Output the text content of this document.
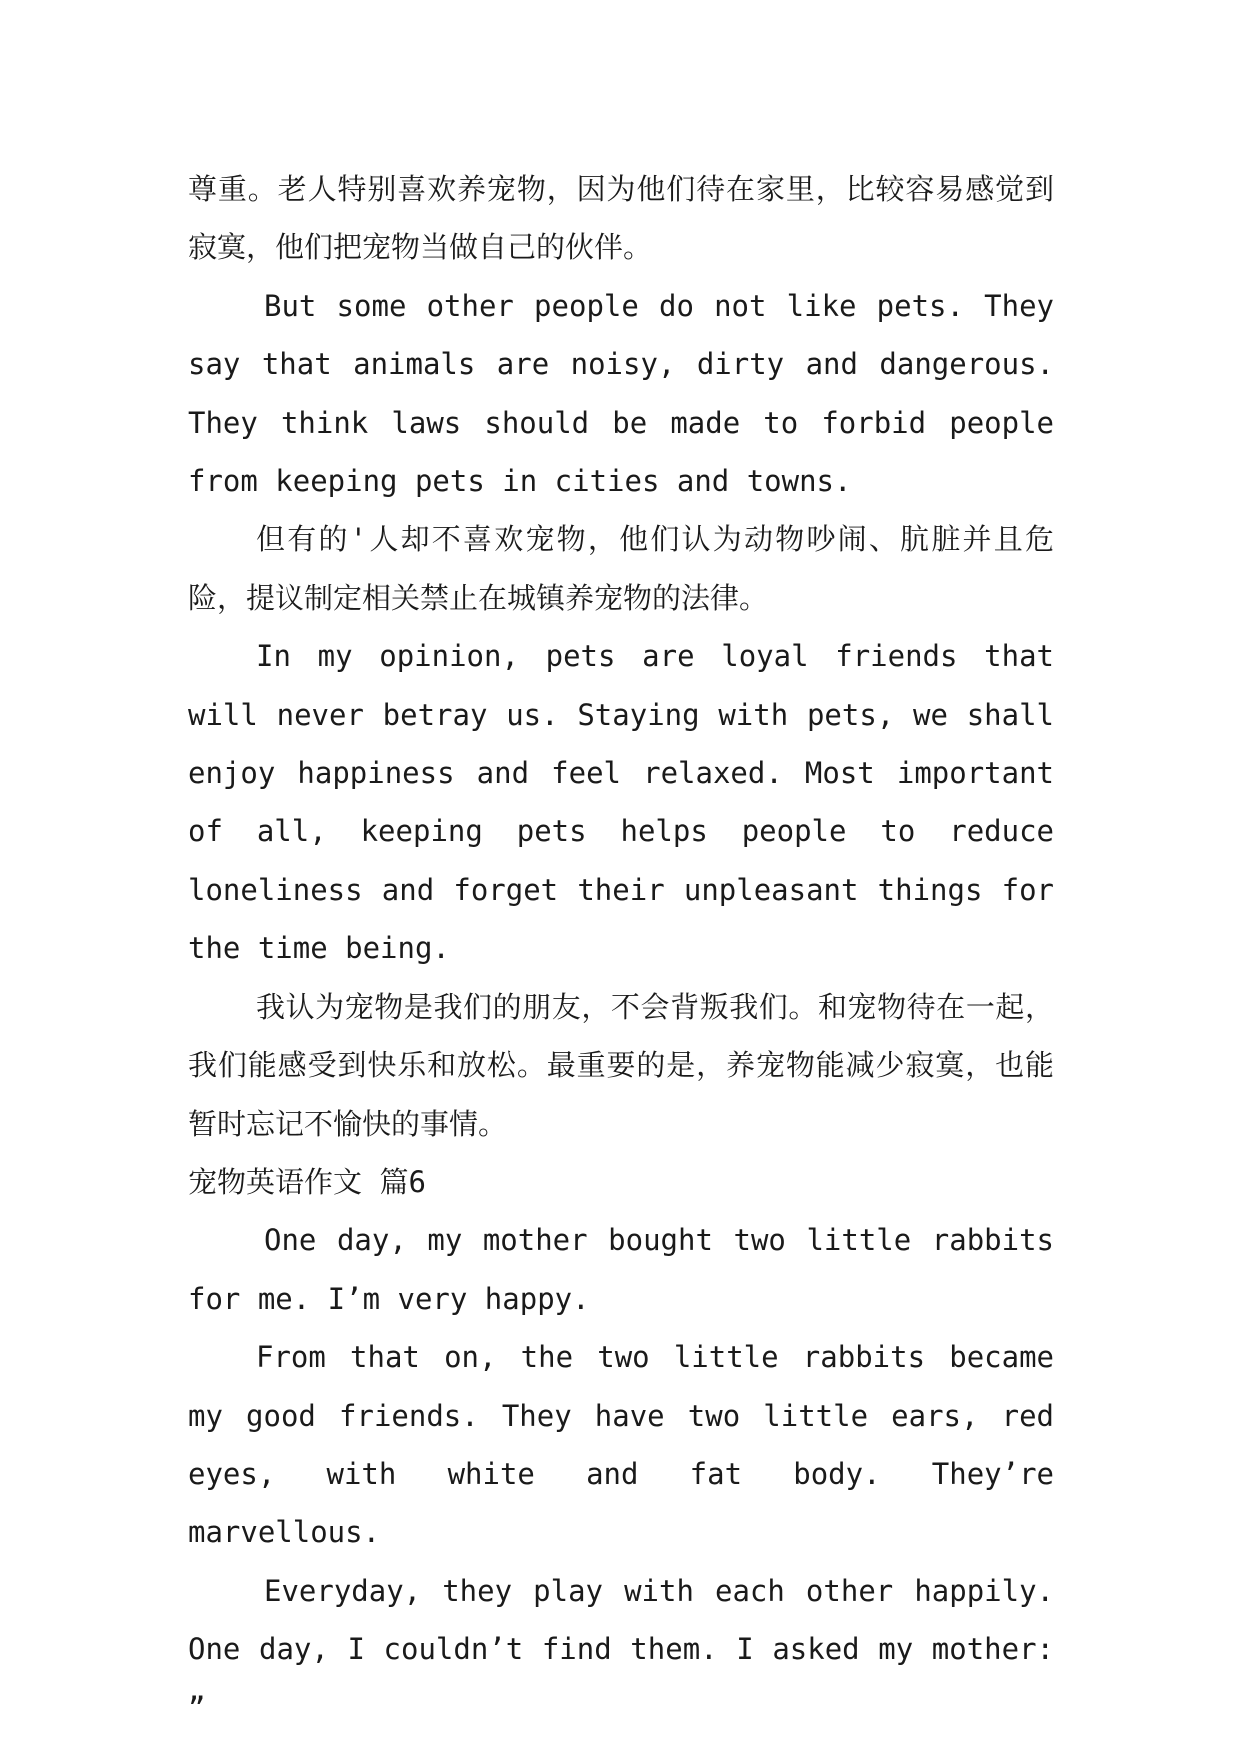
尊重。老人特别喜欢养宠物，因为他们待在家里，比较容易感觉到寂寞，他们把宠物当做自己的伙伴。

But some other people do not like pets. They say that animals are noisy, dirty and dangerous. They think laws should be made to forbid people from keeping pets in cities and towns.

但有的'人却不喜欢宠物，他们认为动物吵闹、肮脏并且危险，提议制定相关禁止在城镇养宠物的法律。

In my opinion, pets are loyal friends that will never betray us. Staying with pets, we shall enjoy happiness and feel relaxed. Most important of all, keeping pets helps people to reduce loneliness and forget their unpleasant things for the time being.

我认为宠物是我们的朋友，不会背叛我们。和宠物待在一起，我们能感受到快乐和放松。最重要的是，养宠物能减少寂寞，也能暂时忘记不愉快的事情。

宠物英语作文 篇6

One day, my mother bought two little rabbits for me. I’m very happy.

From that on, the two little rabbits became my good friends. They have two little ears, red eyes, with white and fat body. They’re marvellous.

Everyday, they play with each other happily. One day, I couldn’t find them. I asked my mother: ”
